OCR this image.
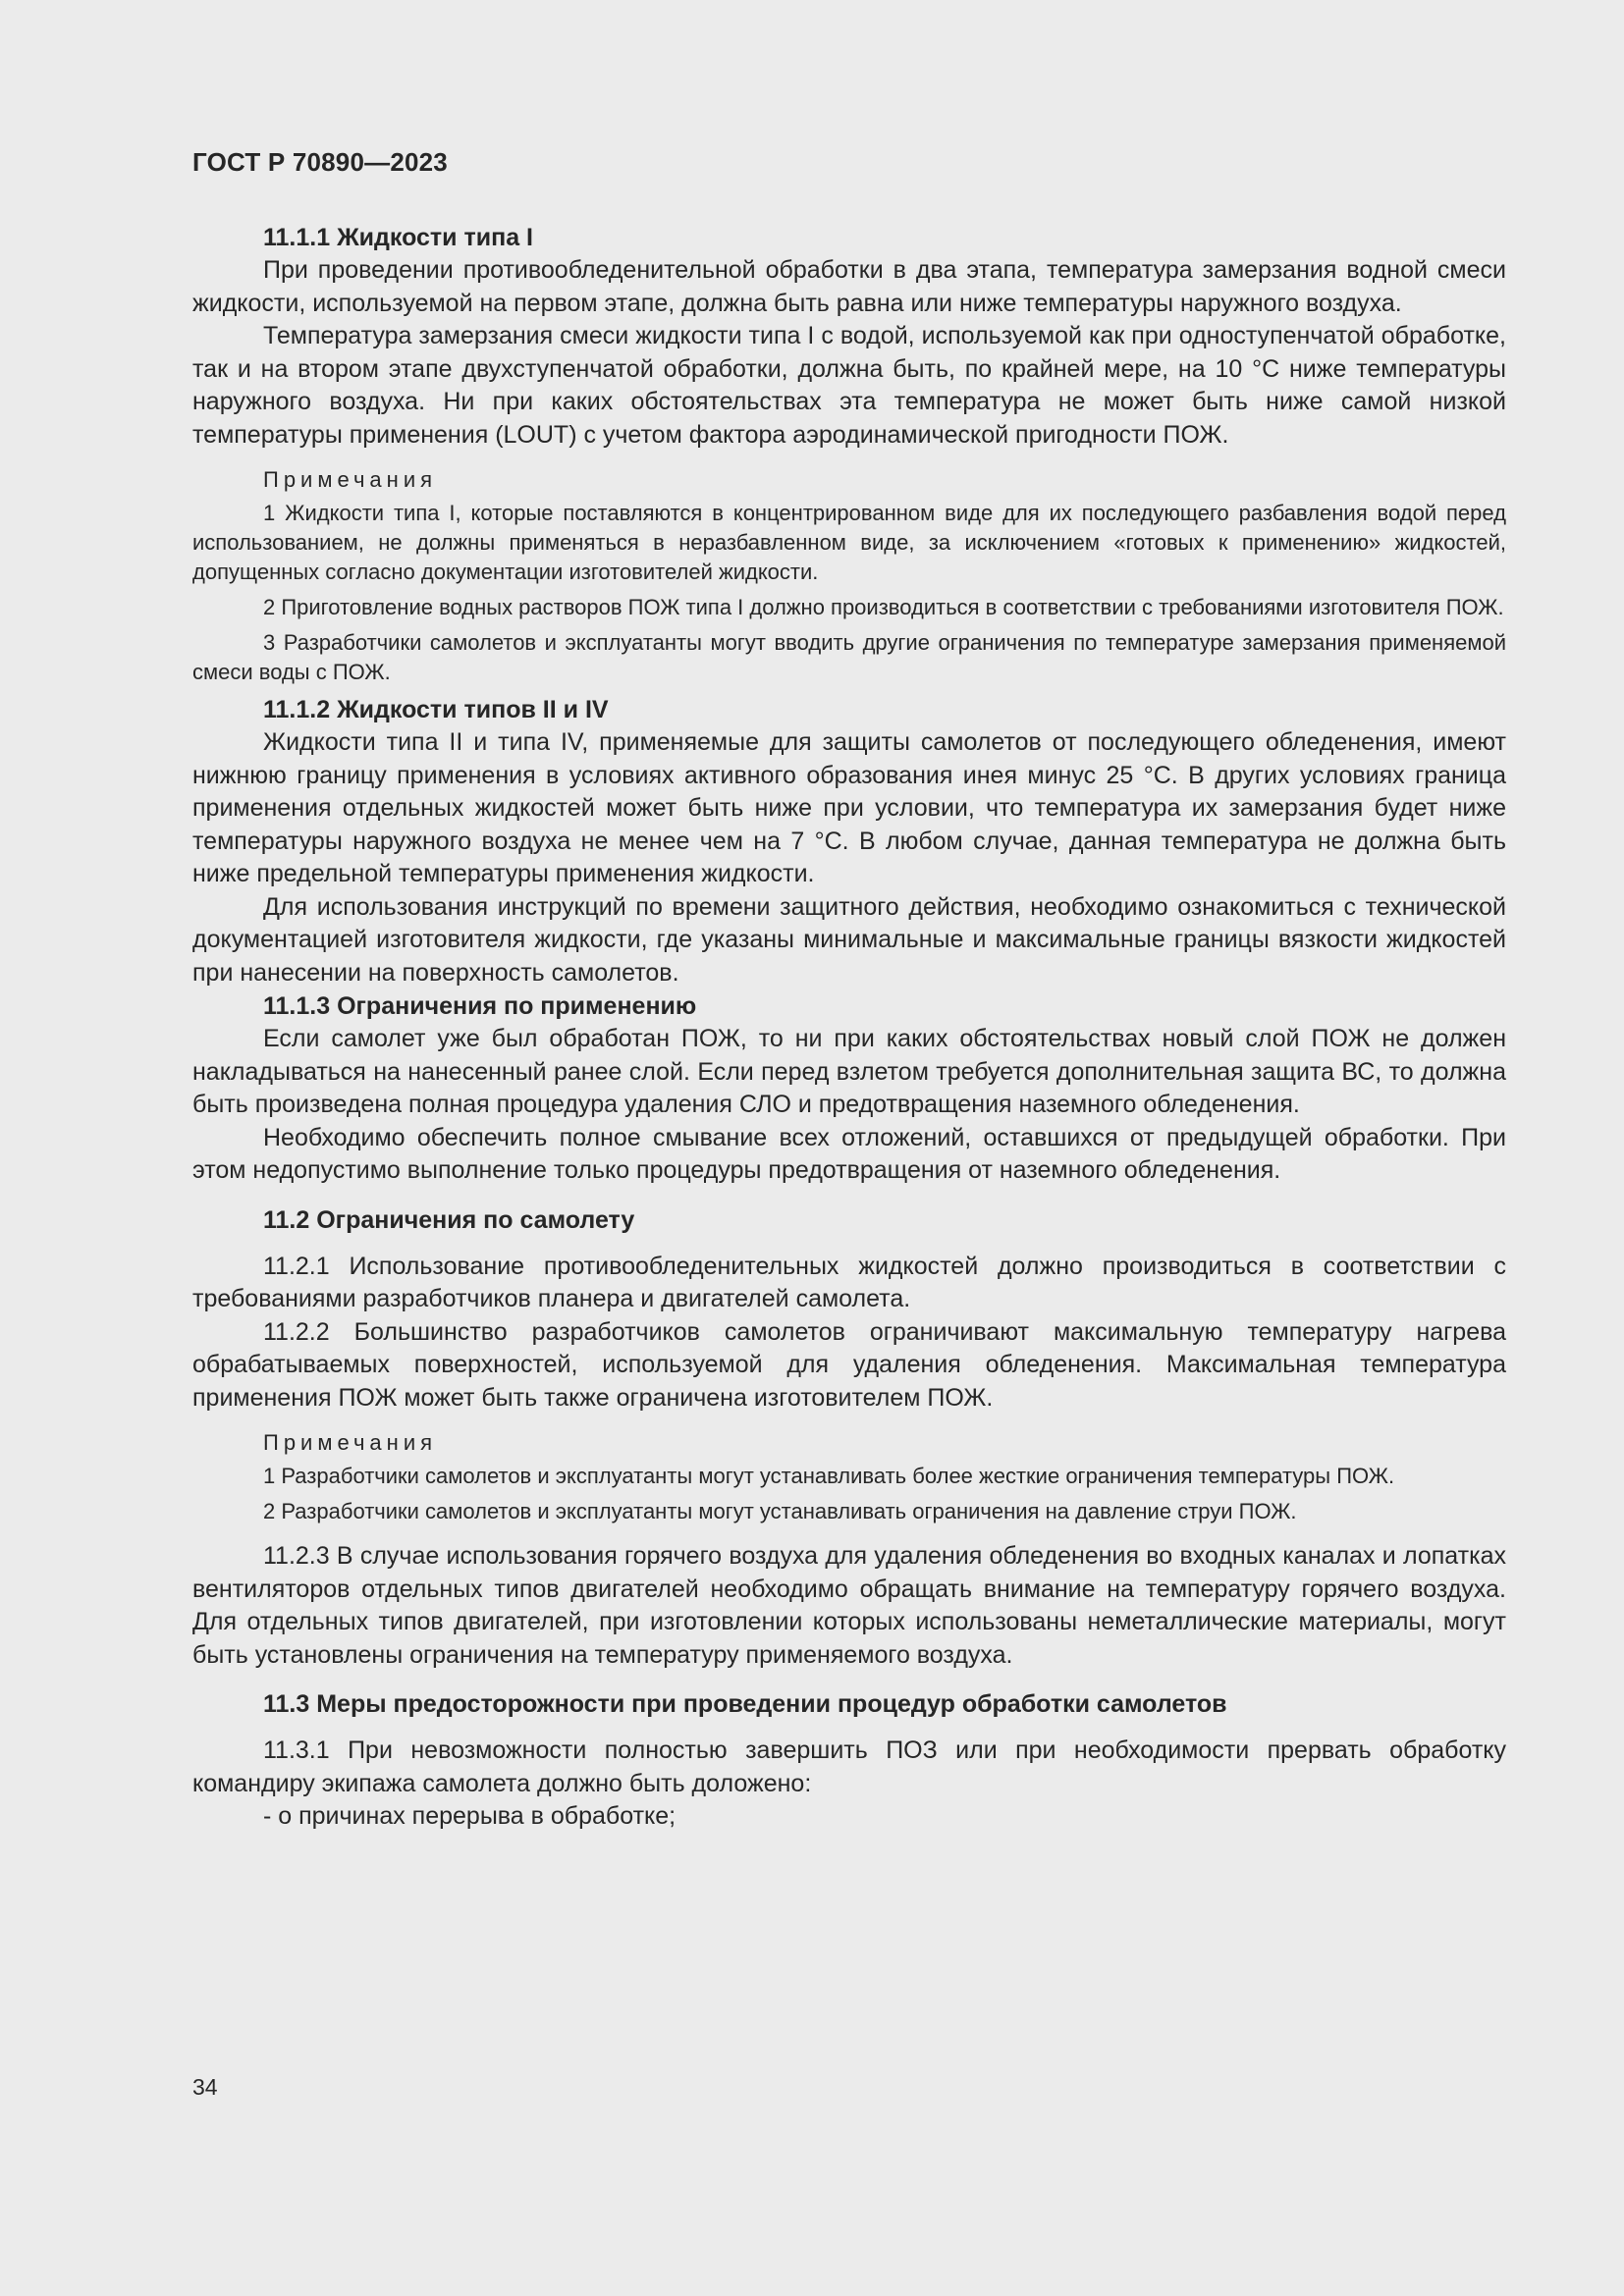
ГОСТ Р 70890—2023

11.1.1 Жидкости типа I

При проведении противообледенительной обработки в два этапа, температура замерзания водной смеси жидкости, используемой на первом этапе, должна быть равна или ниже температуры наружного воздуха.

Температура замерзания смеси жидкости типа I с водой, используемой как при одноступенчатой обработке, так и на втором этапе двухступенчатой обработки, должна быть, по крайней мере, на 10 °С ниже температуры наружного воздуха. Ни при каких обстоятельствах эта температура не может быть ниже самой низкой температуры применения (LOUT) с учетом фактора аэродинамической пригодности ПОЖ.

Примечания

1 Жидкости типа I, которые поставляются в концентрированном виде для их последующего разбавления водой перед использованием, не должны применяться в неразбавленном виде, за исключением «готовых к применению» жидкостей, допущенных согласно документации изготовителей жидкости.

2 Приготовление водных растворов ПОЖ типа I должно производиться в соответствии с требованиями изготовителя ПОЖ.

3 Разработчики самолетов и эксплуатанты могут вводить другие ограничения по температуре замерзания применяемой смеси воды с ПОЖ.

11.1.2 Жидкости типов II и IV

Жидкости типа II и типа IV, применяемые для защиты самолетов от последующего обледенения, имеют нижнюю границу применения в условиях активного образования инея минус 25 °С. В других условиях граница применения отдельных жидкостей может быть ниже при условии, что температура их замерзания будет ниже температуры наружного воздуха не менее чем на 7 °С. В любом случае, данная температура не должна быть ниже предельной температуры применения жидкости.

Для использования инструкций по времени защитного действия, необходимо ознакомиться с технической документацией изготовителя жидкости, где указаны минимальные и максимальные границы вязкости жидкостей при нанесении на поверхность самолетов.

11.1.3 Ограничения по применению

Если самолет уже был обработан ПОЖ, то ни при каких обстоятельствах новый слой ПОЖ не должен накладываться на нанесенный ранее слой. Если перед взлетом требуется дополнительная защита ВС, то должна быть произведена полная процедура удаления СЛО и предотвращения наземного обледенения.

Необходимо обеспечить полное смывание всех отложений, оставшихся от предыдущей обработки. При этом недопустимо выполнение только процедуры предотвращения от наземного обледенения.

11.2 Ограничения по самолету

11.2.1 Использование противообледенительных жидкостей должно производиться в соответствии с требованиями разработчиков планера и двигателей самолета.

11.2.2 Большинство разработчиков самолетов ограничивают максимальную температуру нагрева обрабатываемых поверхностей, используемой для удаления обледенения. Максимальная температура применения ПОЖ может быть также ограничена изготовителем ПОЖ.

Примечания

1 Разработчики самолетов и эксплуатанты могут устанавливать более жесткие ограничения температуры ПОЖ.

2 Разработчики самолетов и эксплуатанты могут устанавливать ограничения на давление струи ПОЖ.

11.2.3 В случае использования горячего воздуха для удаления обледенения во входных каналах и лопатках вентиляторов отдельных типов двигателей необходимо обращать внимание на температуру горячего воздуха. Для отдельных типов двигателей, при изготовлении которых использованы неметаллические материалы, могут быть установлены ограничения на температуру применяемого воздуха.

11.3 Меры предосторожности при проведении процедур обработки самолетов

11.3.1 При невозможности полностью завершить ПОЗ или при необходимости прервать обработку командиру экипажа самолета должно быть доложено:

- о причинах перерыва в обработке;

34
